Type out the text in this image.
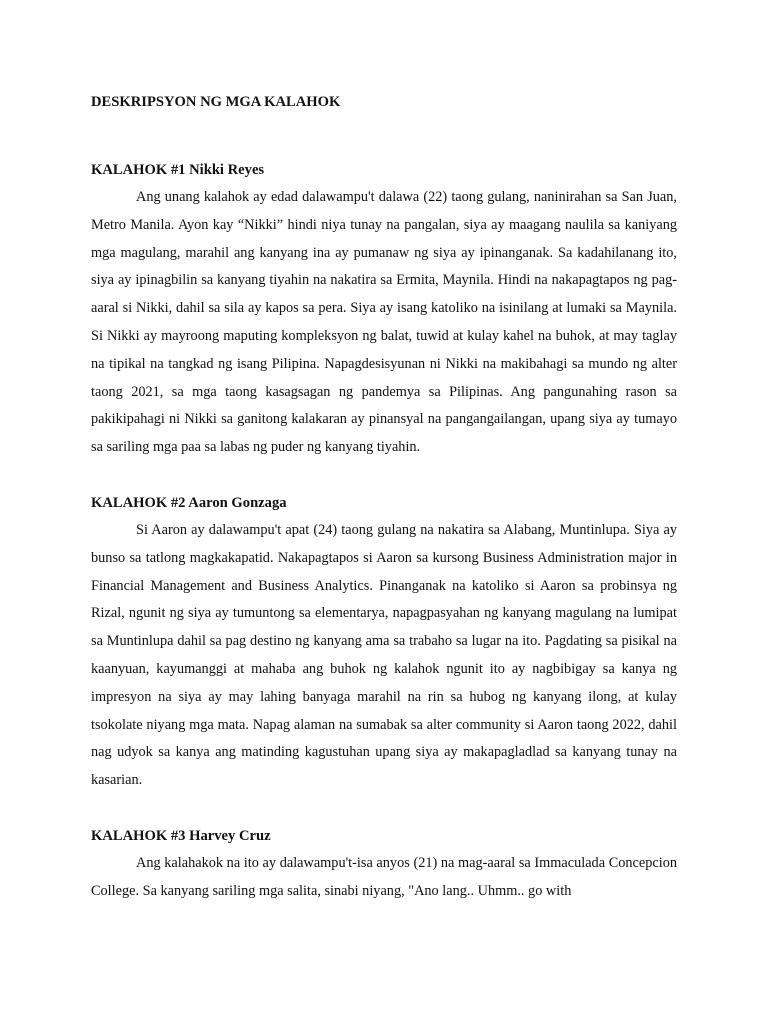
DESKRIPSYON NG MGA KALAHOK
KALAHOK #1 Nikki Reyes

Ang unang kalahok ay edad dalawampu't dalawa (22) taong gulang, naninirahan sa San Juan, Metro Manila. Ayon kay “Nikki” hindi niya tunay na pangalan, siya ay maagang naulila sa kaniyang mga magulang, marahil ang kanyang ina ay pumanaw ng siya ay ipinanganak. Sa kadahilanang ito, siya ay ipinagbilin sa kanyang tiyahin na nakatira sa Ermita, Maynila. Hindi na nakapagtapos ng pag-aaral si Nikki, dahil sa sila ay kapos sa pera. Siya ay isang katoliko na isinilang at lumaki sa Maynila. Si Nikki ay mayroong maputing kompleksyon ng balat, tuwid at kulay kahel na buhok, at may taglay na tipikal na tangkad ng isang Pilipina. Napagdesisyunan ni Nikki na makibahagi sa mundo ng alter taong 2021, sa mga taong kasagsagan ng pandemya sa Pilipinas. Ang pangunahing rason sa pakikipahagi ni Nikki sa ganitong kalakaran ay pinansyal na pangangailangan, upang siya ay tumayo sa sariling mga paa sa labas ng puder ng kanyang tiyahin.

KALAHOK #2 Aaron Gonzaga

Si Aaron ay dalawampu't apat (24) taong gulang na nakatira sa Alabang, Muntinlupa. Siya ay bunso sa tatlong magkakapatid. Nakapagtapos si Aaron sa kursong Business Administration major in Financial Management and Business Analytics. Pinanganak na katoliko si Aaron sa probinsya ng Rizal, ngunit ng siya ay tumuntong sa elementarya, napagpasyahan ng kanyang magulang na lumipat sa Muntinlupa dahil sa pag destino ng kanyang ama sa trabaho sa lugar na ito. Pagdating sa pisikal na kaanyuan, kayumanggi at mahaba ang buhok ng kalahok ngunit ito ay nagbibigay sa kanya ng impresyon na siya ay may lahing banyaga marahil na rin sa hubog ng kanyang ilong, at kulay tsokolate niyang mga mata. Napag alaman na sumabak sa alter community si Aaron taong 2022, dahil nag udyok sa kanya ang matinding kagustuhan upang siya ay makapagladlad sa kanyang tunay na kasarian.

KALAHOK #3 Harvey Cruz

Ang kalahakok na ito ay dalawampu't-isa anyos (21) na mag-aaral sa Immaculada Concepcion College. Sa kanyang sariling mga salita, sinabi niyang, "Ano lang.. Uhmm.. go with
